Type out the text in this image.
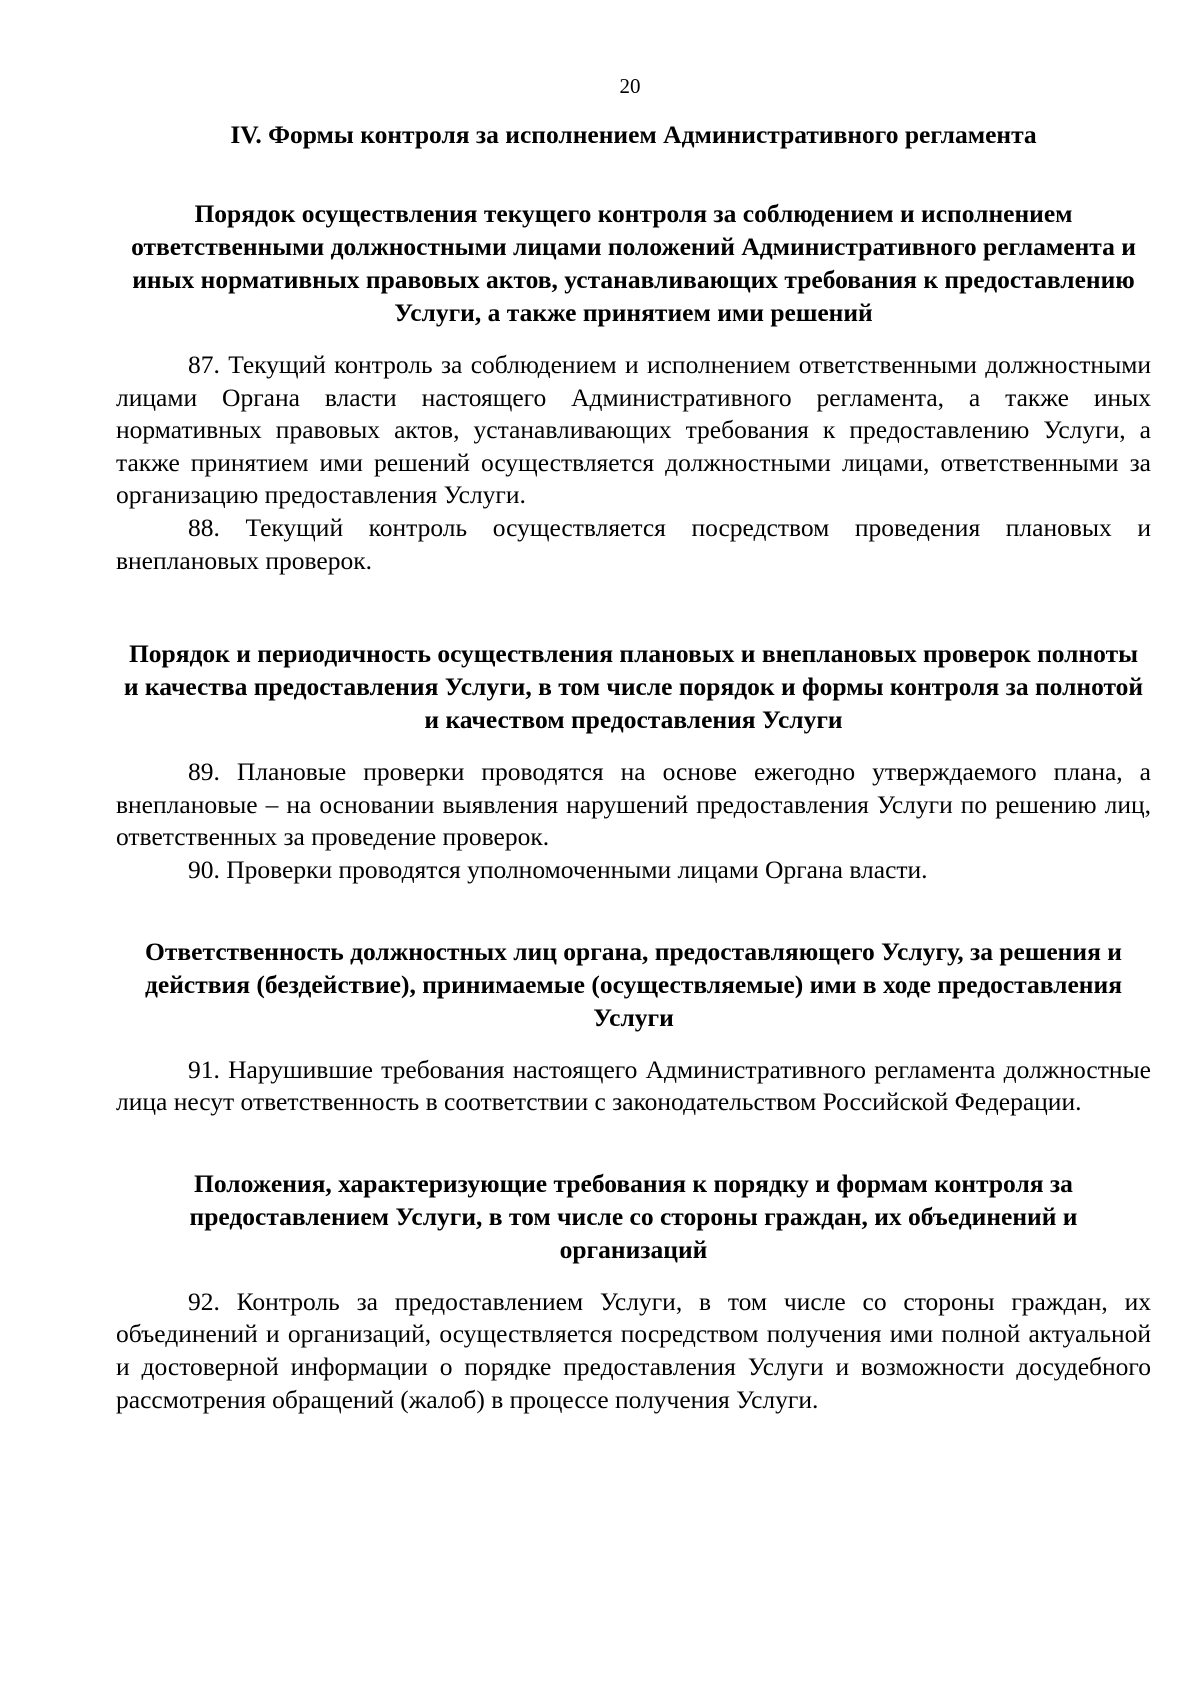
20
IV. Формы контроля за исполнением Административного регламента
Порядок осуществления текущего контроля за соблюдением и исполнением ответственными должностными лицами положений Административного регламента и иных нормативных правовых актов, устанавливающих требования к предоставлению Услуги, а также принятием ими решений

87. Текущий контроль за соблюдением и исполнением ответственными должностными лицами Органа власти настоящего Административного регламента, а также иных нормативных правовых актов, устанавливающих требования к предоставлению Услуги, а также принятием ими решений осуществляется должностными лицами, ответственными за организацию предоставления Услуги.

88. Текущий контроль осуществляется посредством проведения плановых и внеплановых проверок.

Порядок и периодичность осуществления плановых и внеплановых проверок полноты и качества предоставления Услуги, в том числе порядок и формы контроля за полнотой и качеством предоставления Услуги

89. Плановые проверки проводятся на основе ежегодно утверждаемого плана, а внеплановые – на основании выявления нарушений предоставления Услуги по решению лиц, ответственных за проведение проверок.

90. Проверки проводятся уполномоченными лицами Органа власти.

Ответственность должностных лиц органа, предоставляющего Услугу, за решения и действия (бездействие), принимаемые (осуществляемые) ими в ходе предоставления Услуги

91. Нарушившие требования настоящего Административного регламента должностные лица несут ответственность в соответствии с законодательством Российской Федерации.

Положения, характеризующие требования к порядку и формам контроля за предоставлением Услуги, в том числе со стороны граждан, их объединений и организаций

92. Контроль за предоставлением Услуги, в том числе со стороны граждан, их объединений и организаций, осуществляется посредством получения ими полной актуальной и достоверной информации о порядке предоставления Услуги и возможности досудебного рассмотрения обращений (жалоб) в процессе получения Услуги.
